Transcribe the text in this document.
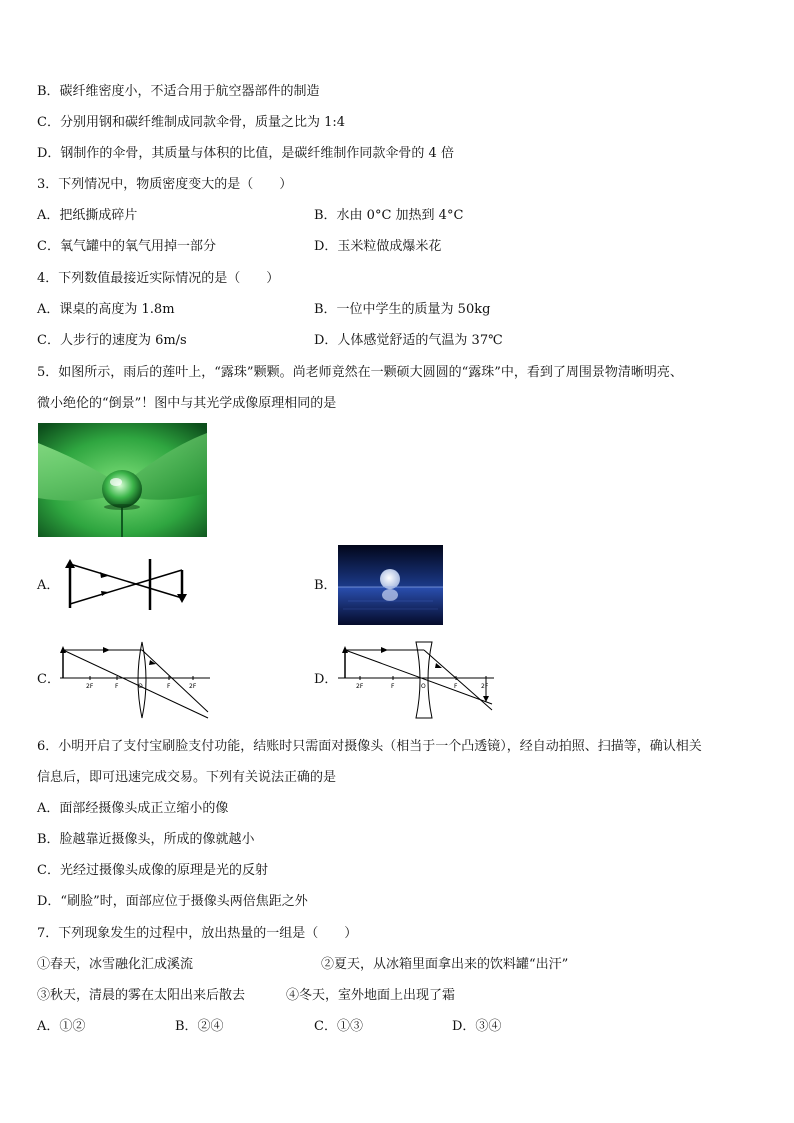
B．碳纤维密度小，不适合用于航空器部件的制造
C．分别用钢和碳纤维制成同款伞骨，质量之比为 1:4
D．钢制作的伞骨，其质量与体积的比值，是碳纤维制作同款伞骨的 4 倍
3．下列情况中，物质密度变大的是（　　）
A．把纸撕成碎片	B．水由 0°C 加热到 4°C
C．氧气罐中的氧气用掉一部分	D．玉米粒做成爆米花
4．下列数值最接近实际情况的是（　　）
A．课桌的高度为 1.8m	B．一位中学生的质量为 50kg
C．人步行的速度为 6m/s	D．人体感觉舒适的气温为 37℃
5．如图所示，雨后的莲叶上，“露珠”颗颗。尚老师竟然在一颗硕大圆圆的“露珠”中，看到了周围景物清晰明亮、
微小绝伦的“倒景”！图中与其光学成像原理相同的是
A．	B．
C．	2F	F	O	F	2F	D．	2F	F	O	F	2F
6．小明开启了支付宝刷脸支付功能，结账时只需面对摄像头（相当于一个凸透镜），经自动拍照、扫描等，确认相关
信息后，即可迅速完成交易。下列有关说法正确的是
A．面部经摄像头成正立缩小的像
B．脸越靠近摄像头，所成的像就越小
C．光经过摄像头成像的原理是光的反射
D．“刷脸”时，面部应位于摄像头两倍焦距之外
7．下列现象发生的过程中，放出热量的一组是（　　）
①春天，冰雪融化汇成溪流	②夏天，从冰箱里面拿出来的饮料罐“出汗”
③秋天，清晨的雾在太阳出来后散去	④冬天，室外地面上出现了霜
A．①②	B．②④	C．①③	D．③④
